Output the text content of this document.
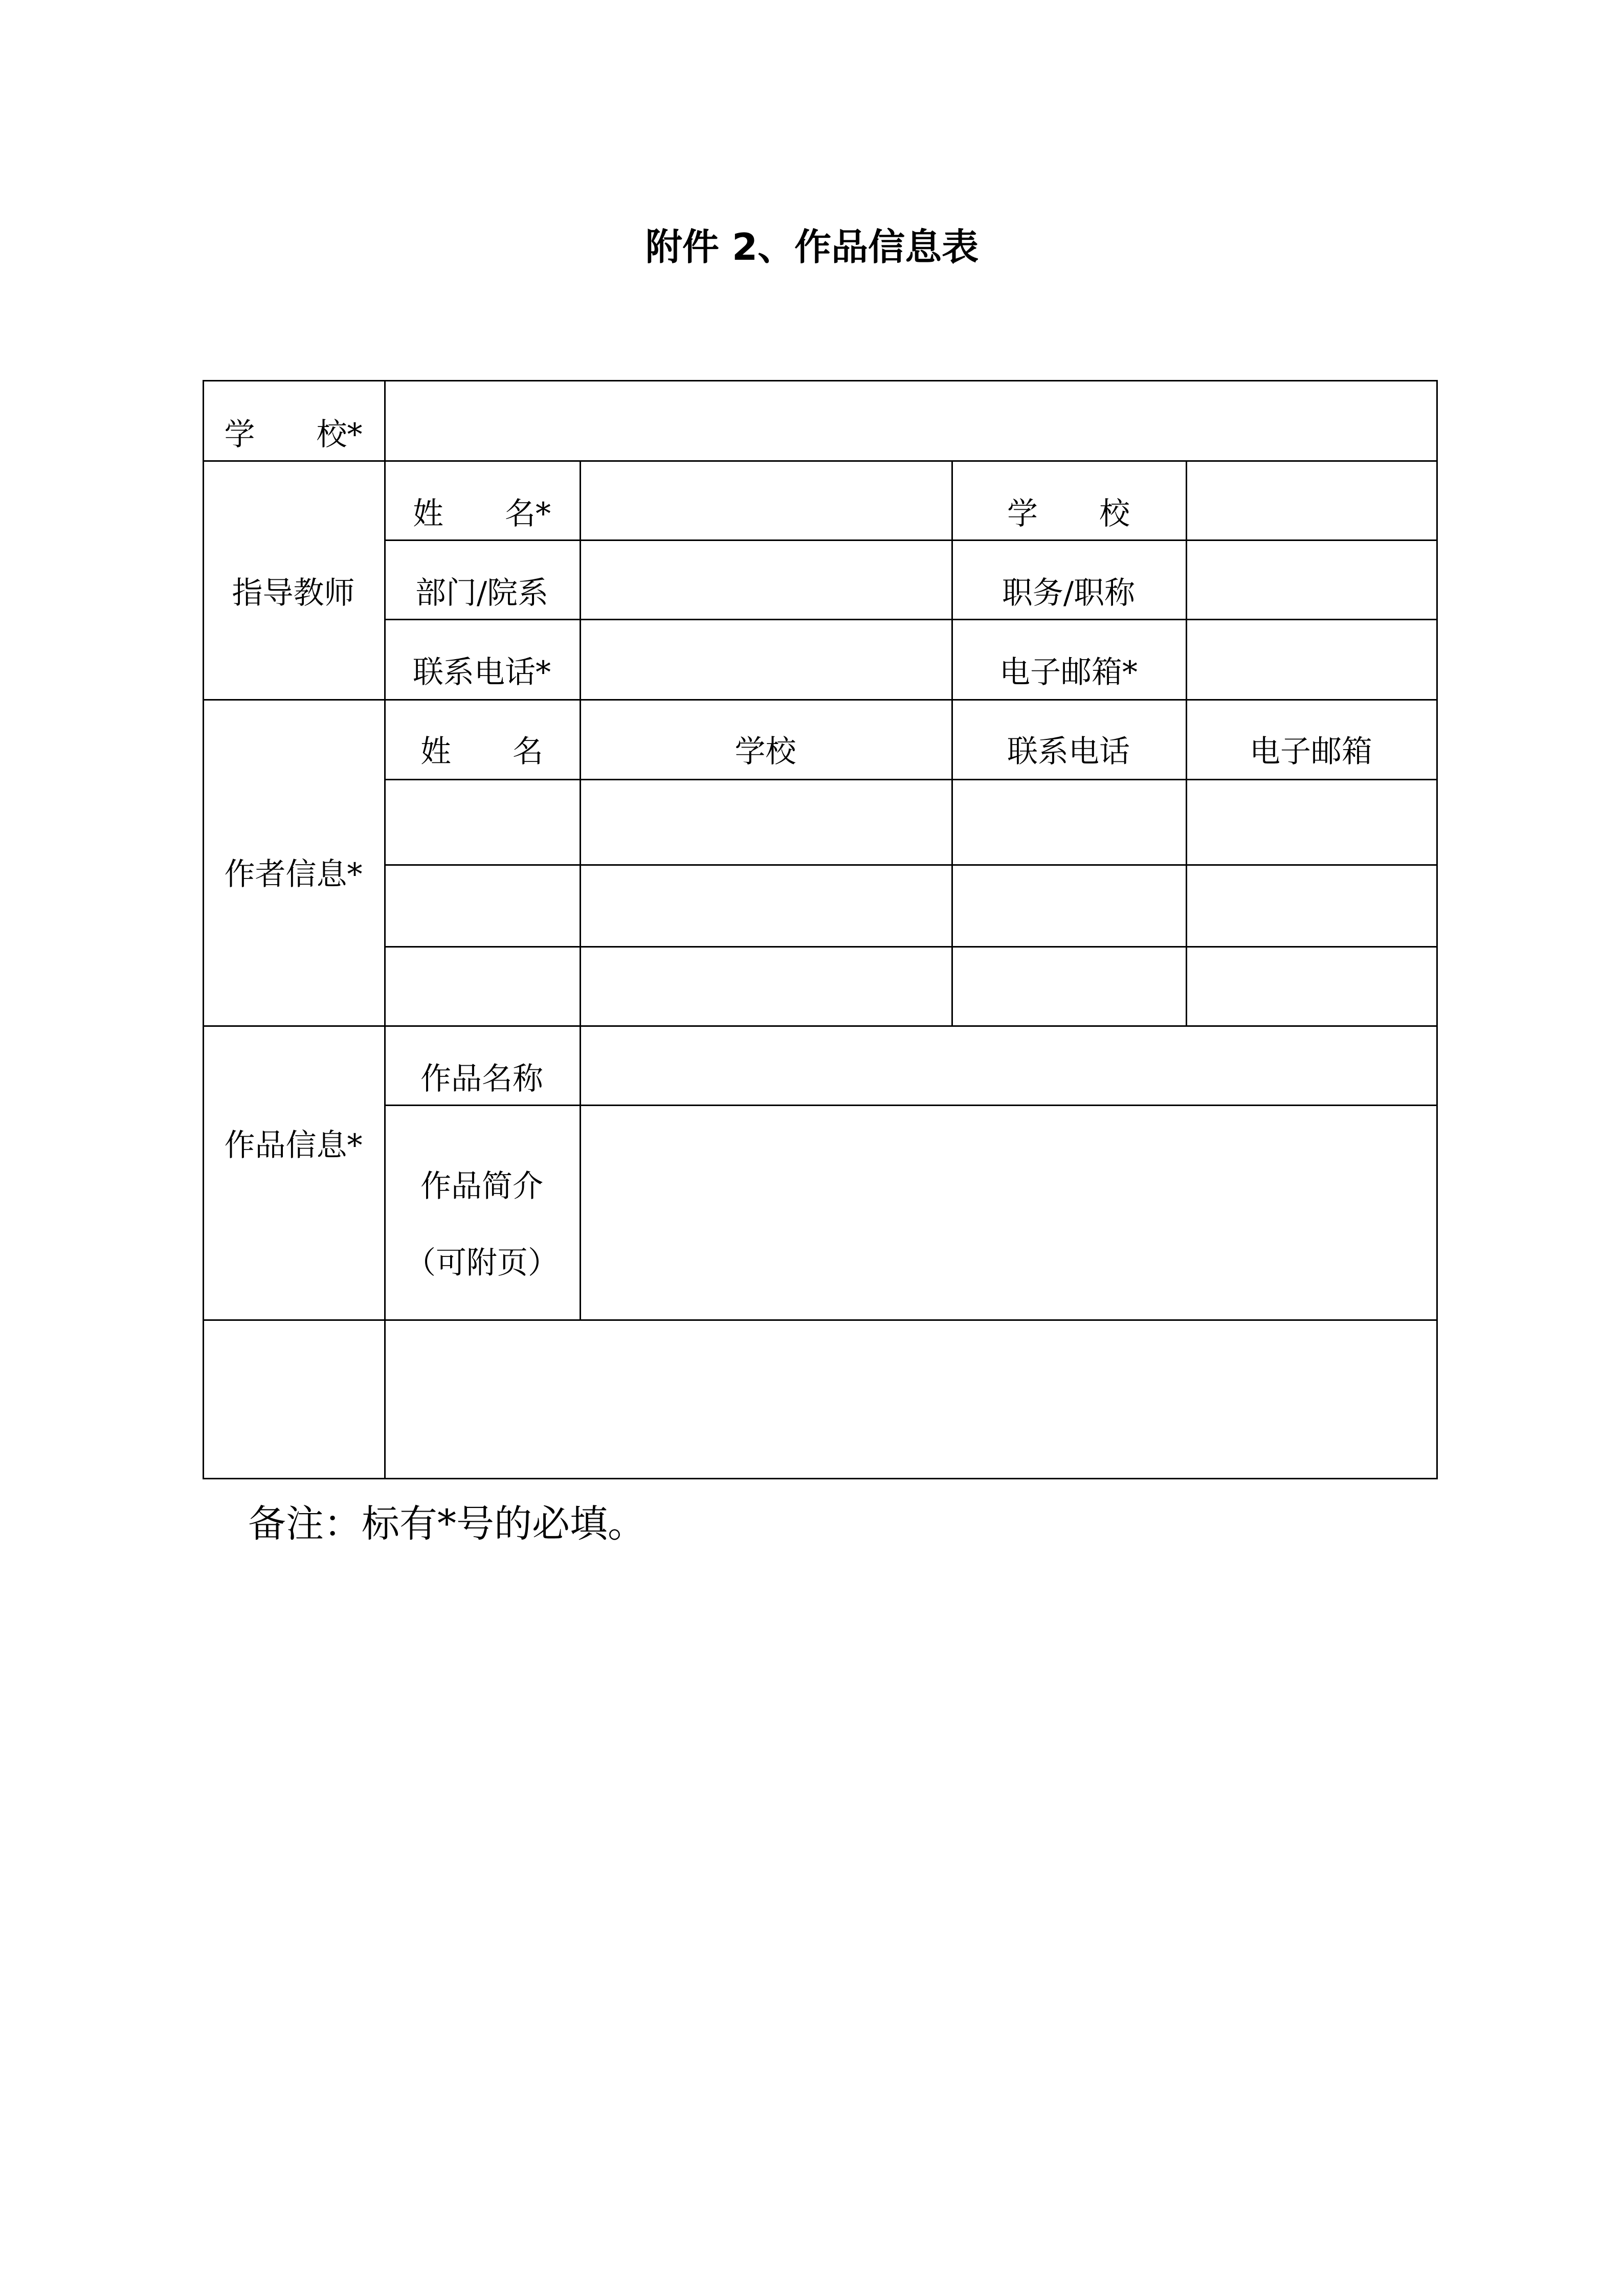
附件 2、作品信息表
学　　校*
指导教师
姓　　名*	学　　校
部门/院系	职务/职称
联系电话*	电子邮箱*
作者信息*
姓　　名	学校	联系电话	电子邮箱
作品信息*
作品名称
作品简介
（可附页）
备注：标有*号的必填。
